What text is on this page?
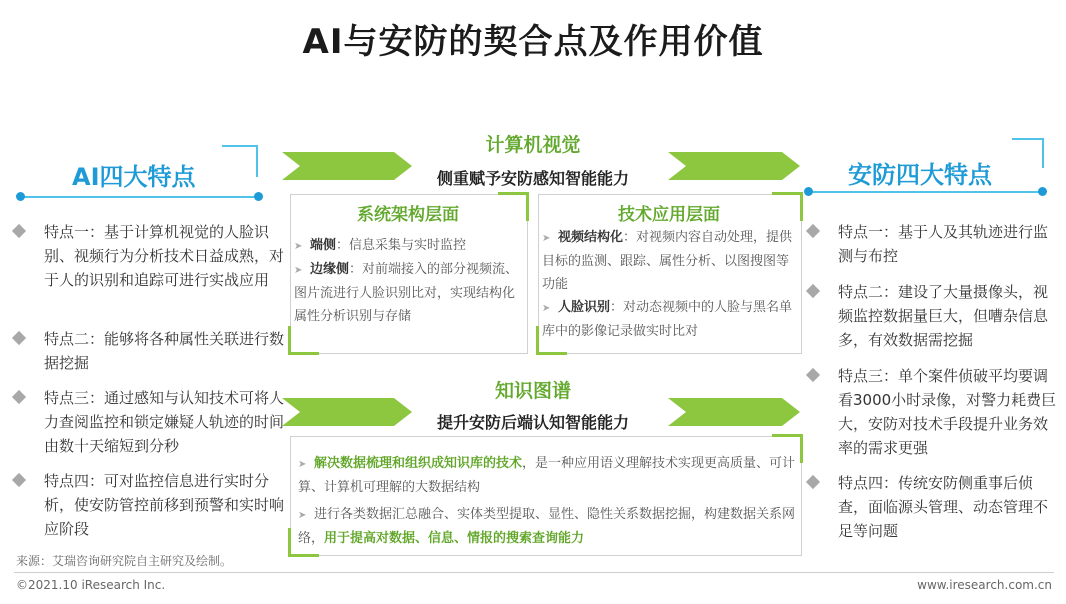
AI与安防的契合点及作用价值
AI四大特点
特点一：基于计算机视觉的人脸识别、视频行为分析技术日益成熟，对于人的识别和追踪可进行实战应用
特点二：能够将各种属性关联进行数据挖掘
特点三：通过感知与认知技术可将人力查阅监控和锁定嫌疑人轨迹的时间由数十天缩短到分秒
特点四：可对监控信息进行实时分析，使安防管控前移到预警和实时响应阶段
安防四大特点
特点一：基于人及其轨迹进行监测与布控
特点二：建设了大量摄像头，视频监控数据量巨大，但嘈杂信息多，有效数据需挖掘
特点三：单个案件侦破平均要调看3000小时录像，对警力耗费巨大，安防对技术手段提升业务效率的需求更强
特点四：传统安防侧重事后侦查，面临源头管理、动态管理不足等问题
计算机视觉
侧重赋予安防感知智能能力
系统架构层面
➤ 端侧：信息采集与实时监控
➤ 边缘侧：对前端接入的部分视频流、图片流进行人脸识别比对，实现结构化属性分析识别与存储
技术应用层面
➤ 视频结构化：对视频内容自动处理，提供目标的监测、跟踪、属性分析、以图搜图等功能
➤ 人脸识别：对动态视频中的人脸与黑名单库中的影像记录做实时比对
知识图谱
提升安防后端认知智能能力
➤ 解决数据梳理和组织成知识库的技术，是一种应用语义理解技术实现更高质量、可计算、计算机可理解的大数据结构
➤ 进行各类数据汇总融合、实体类型提取、显性、隐性关系数据挖掘，构建数据关系网络，用于提高对数据、信息、情报的搜索查询能力
来源：艾瑞咨询研究院自主研究及绘制。
©2021.10 iResearch Inc.	www.iresearch.com.cn
